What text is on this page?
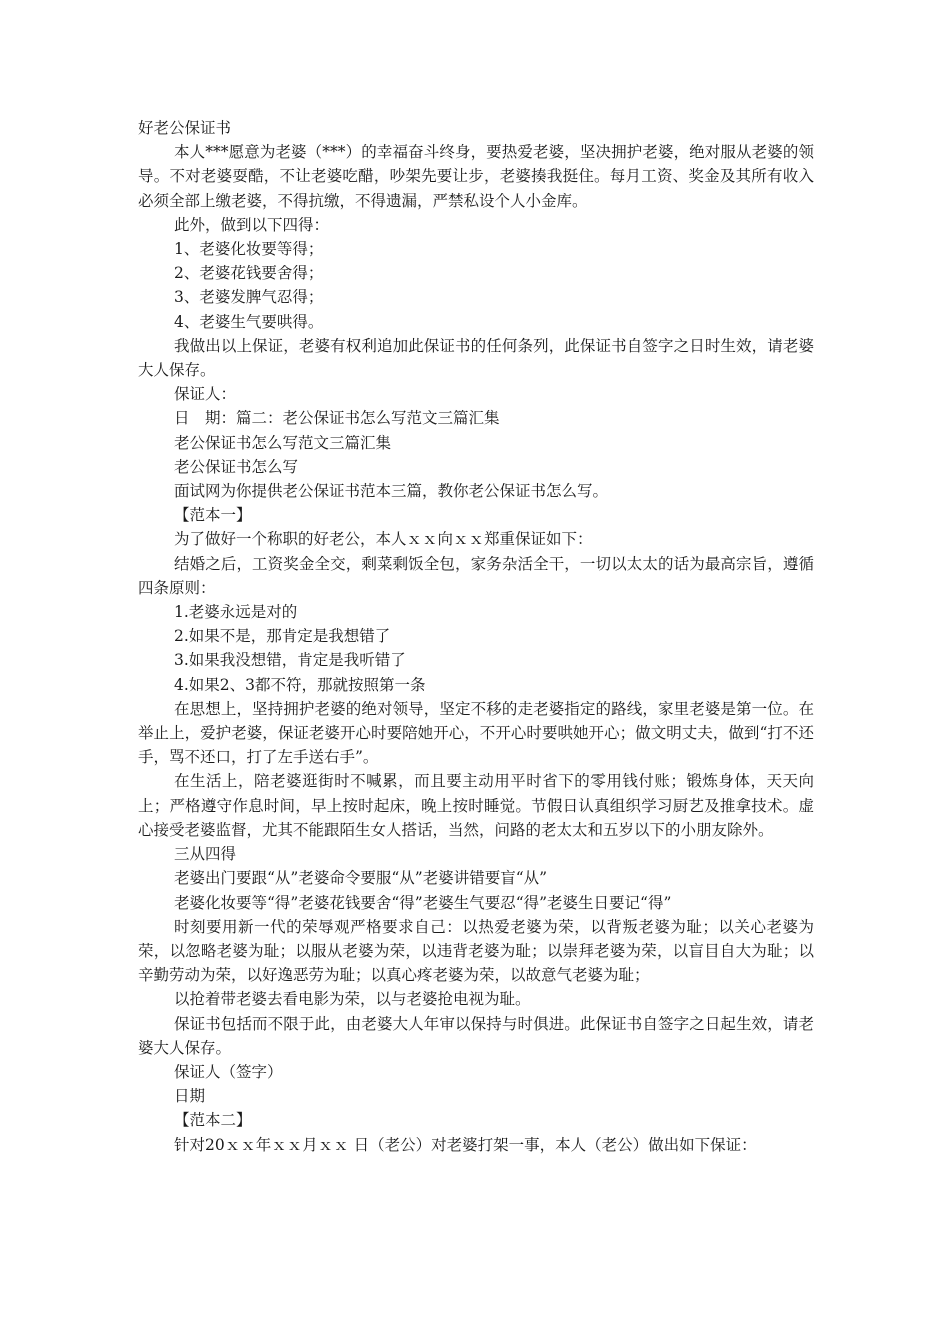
好老公保证书

本人***愿意为老婆（***）的幸福奋斗终身，要热爱老婆，坚决拥护老婆，绝对服从老婆的领导。不对老婆耍酷，不让老婆吃醋，吵架先要让步，老婆揍我挺住。每月工资、奖金及其所有收入必须全部上缴老婆，不得抗缴，不得遗漏，严禁私设个人小金库。

此外，做到以下四得：

1、老婆化妆要等得；

2、老婆花钱要舍得；

3、老婆发脾气忍得；

4、老婆生气要哄得。

我做出以上保证，老婆有权利追加此保证书的任何条列，此保证书自签字之日时生效，请老婆大人保存。

保证人：

日　期：篇二：老公保证书怎么写范文三篇汇集

老公保证书怎么写范文三篇汇集

老公保证书怎么写

面试网为你提供老公保证书范本三篇，教你老公保证书怎么写。

【范本一】

为了做好一个称职的好老公，本人ｘｘ向ｘｘ郑重保证如下：

结婚之后，工资奖金全交，剩菜剩饭全包，家务杂活全干，一切以太太的话为最高宗旨，遵循四条原则：

1.老婆永远是对的

2.如果不是，那肯定是我想错了

3.如果我没想错，肯定是我听错了

4.如果2、3都不符，那就按照第一条

在思想上，坚持拥护老婆的绝对领导，坚定不移的走老婆指定的路线，家里老婆是第一位。在举止上，爱护老婆，保证老婆开心时要陪她开心，不开心时要哄她开心；做文明丈夫，做到“打不还手，骂不还口，打了左手送右手”。

在生活上，陪老婆逛街时不喊累，而且要主动用平时省下的零用钱付账；锻炼身体，天天向上；严格遵守作息时间，早上按时起床，晚上按时睡觉。节假日认真组织学习厨艺及推拿技术。虚心接受老婆监督，尤其不能跟陌生女人搭话，当然，问路的老太太和五岁以下的小朋友除外。

三从四得

老婆出门要跟“从”老婆命令要服“从”老婆讲错要盲“从”

老婆化妆要等“得”老婆花钱要舍“得”老婆生气要忍“得”老婆生日要记“得”

时刻要用新一代的荣辱观严格要求自己：以热爱老婆为荣，以背叛老婆为耻；以关心老婆为荣，以忽略老婆为耻；以服从老婆为荣，以违背老婆为耻；以崇拜老婆为荣，以盲目自大为耻；以辛勤劳动为荣，以好逸恶劳为耻；以真心疼老婆为荣，以故意气老婆为耻；

以抢着带老婆去看电影为荣，以与老婆抢电视为耻。

保证书包括而不限于此，由老婆大人年审以保持与时俱进。此保证书自签字之日起生效，请老婆大人保存。

保证人（签字）

日期

【范本二】

针对20ｘｘ年ｘｘ月ｘｘ 日（老公）对老婆打架一事，本人（老公）做出如下保证：
